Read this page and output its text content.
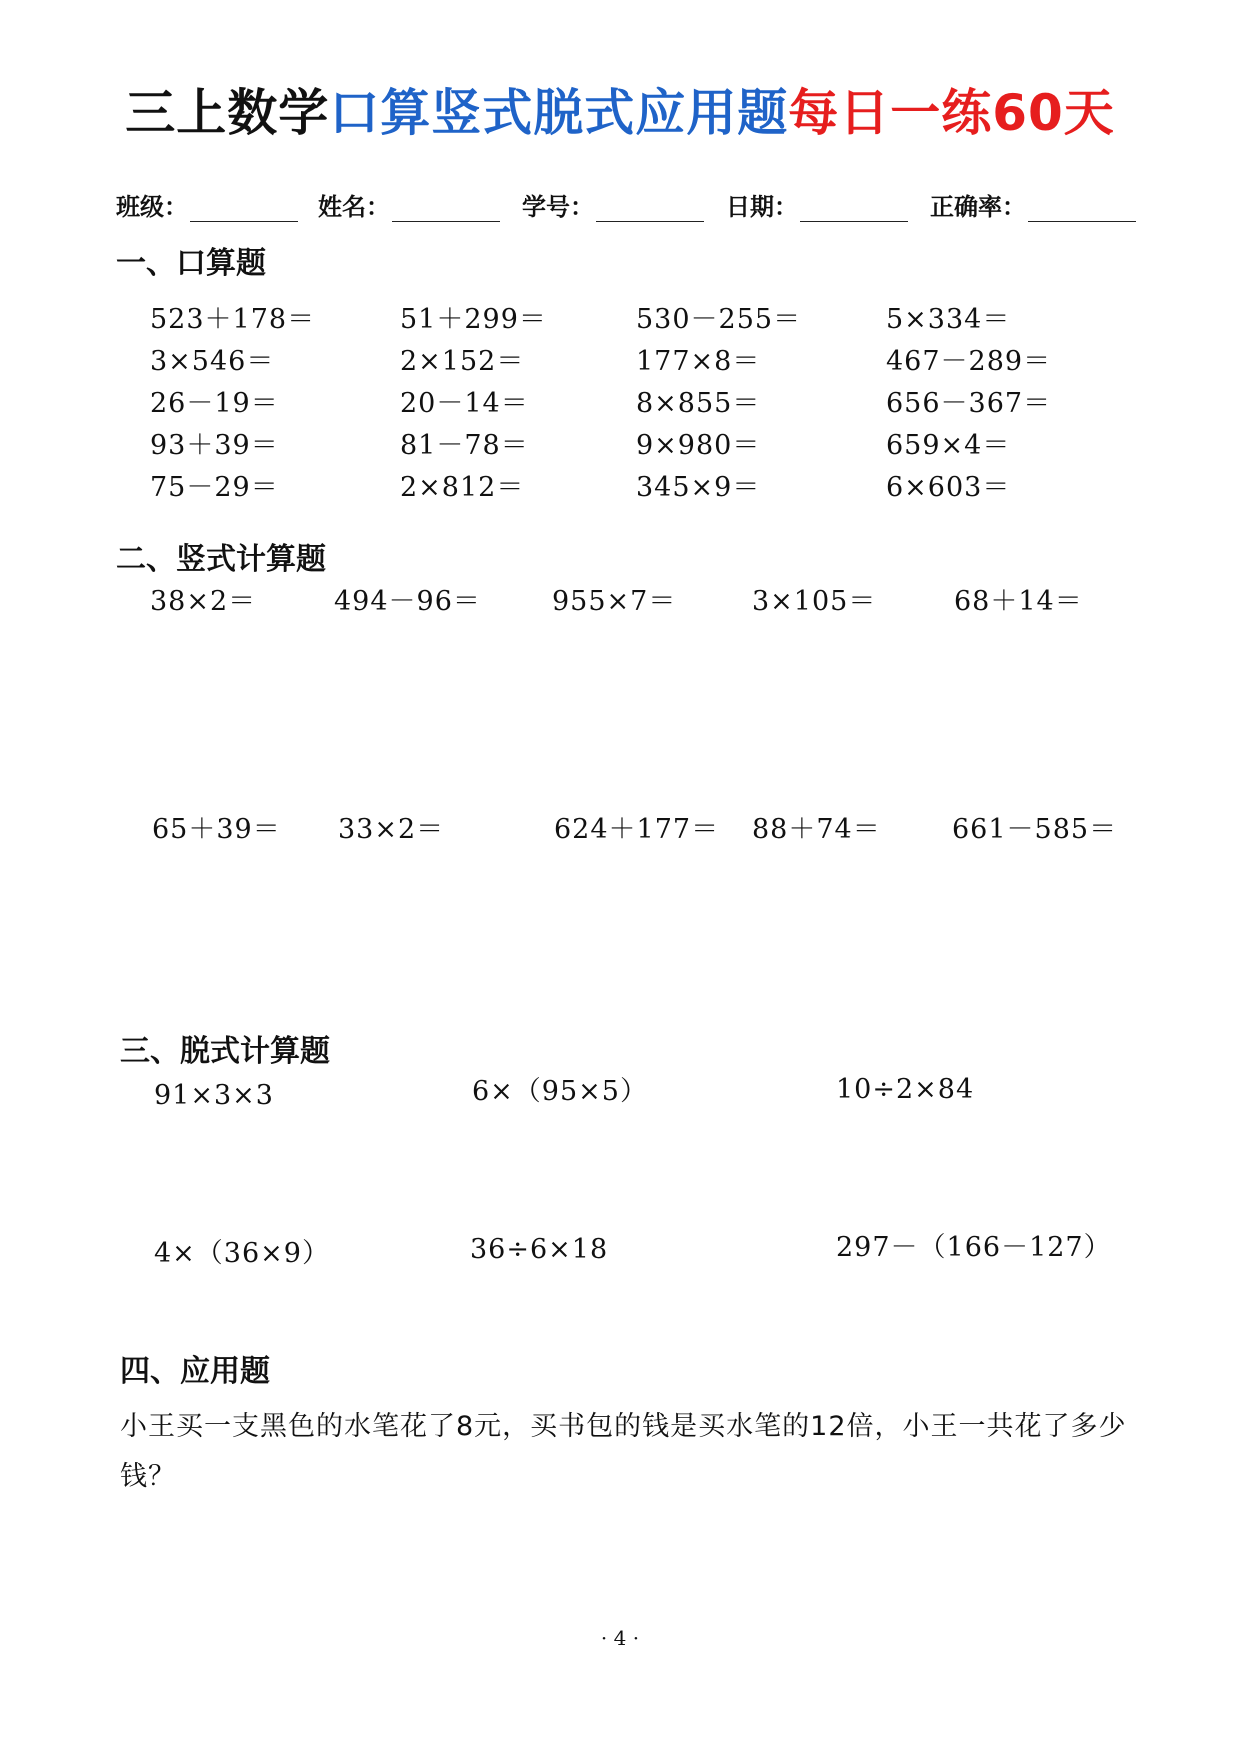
三上数学口算竖式脱式应用题每日一练60天
班级：	姓名：	学号：	日期：	正确率：
一、口算题
523＋178＝	51＋299＝	530－255＝	5×334＝
3×546＝	2×152＝	177×8＝	467－289＝
26－19＝	20－14＝	8×855＝	656－367＝
93＋39＝	81－78＝	9×980＝	659×4＝
75－29＝	2×812＝	345×9＝	6×603＝
二、竖式计算题
38×2＝	494－96＝	955×7＝	3×105＝	68＋14＝
65＋39＝ 33×2＝	624＋177＝ 88＋74＝	661－585＝
三、脱式计算题
91×3×3	6×（95×5）	10÷2×84
4×（36×9）	36÷6×18	297－（166－127）
四、应用题
小王买一支黑色的水笔花了8元，买书包的钱是买水笔的12倍，小王一共花了多少钱？
· 4 ·
